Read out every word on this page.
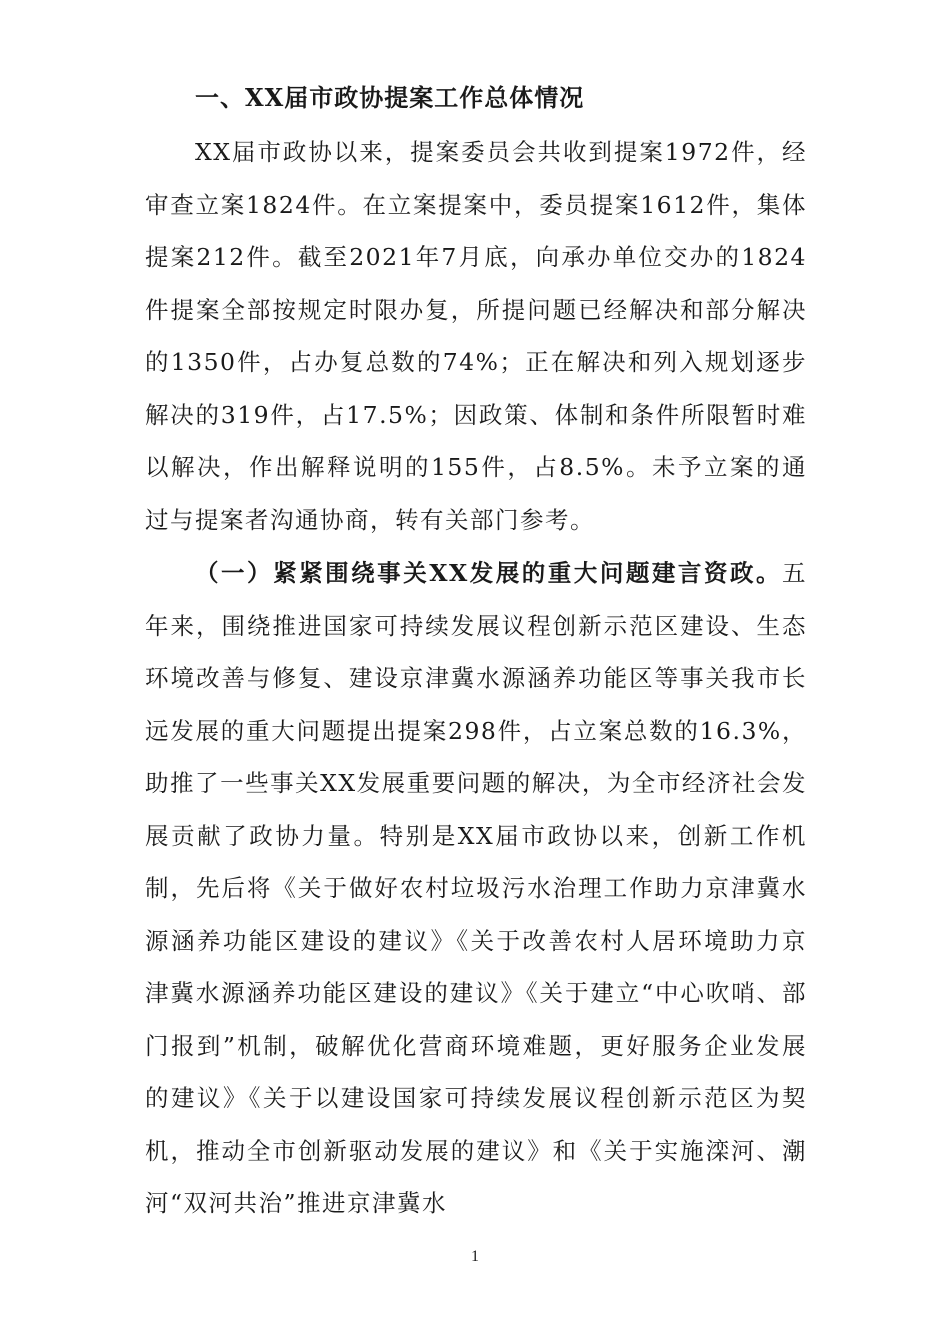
一、XX届市政协提案工作总体情况

XX届市政协以来，提案委员会共收到提案1972件，经审查立案1824件。在立案提案中，委员提案1612件，集体提案212件。截至2021年7月底，向承办单位交办的1824件提案全部按规定时限办复，所提问题已经解决和部分解决的1350件，占办复总数的74%；正在解决和列入规划逐步解决的319件，占17.5%；因政策、体制和条件所限暂时难以解决，作出解释说明的155件，占8.5%。未予立案的通过与提案者沟通协商，转有关部门参考。

（一）紧紧围绕事关XX发展的重大问题建言资政。五年来，围绕推进国家可持续发展议程创新示范区建设、生态环境改善与修复、建设京津冀水源涵养功能区等事关我市长远发展的重大问题提出提案298件，占立案总数的16.3%，助推了一些事关XX发展重要问题的解决，为全市经济社会发展贡献了政协力量。特别是XX届市政协以来，创新工作机制，先后将《关于做好农村垃圾污水治理工作助力京津冀水源涵养功能区建设的建议》《关于改善农村人居环境助力京津冀水源涵养功能区建设的建议》《关于建立“中心吹哨、部门报到”机制，破解优化营商环境难题，更好服务企业发展的建议》《关于以建设国家可持续发展议程创新示范区为契机，推动全市创新驱动发展的建议》和《关于实施滦河、潮河“双河共治”推进京津冀水

1
